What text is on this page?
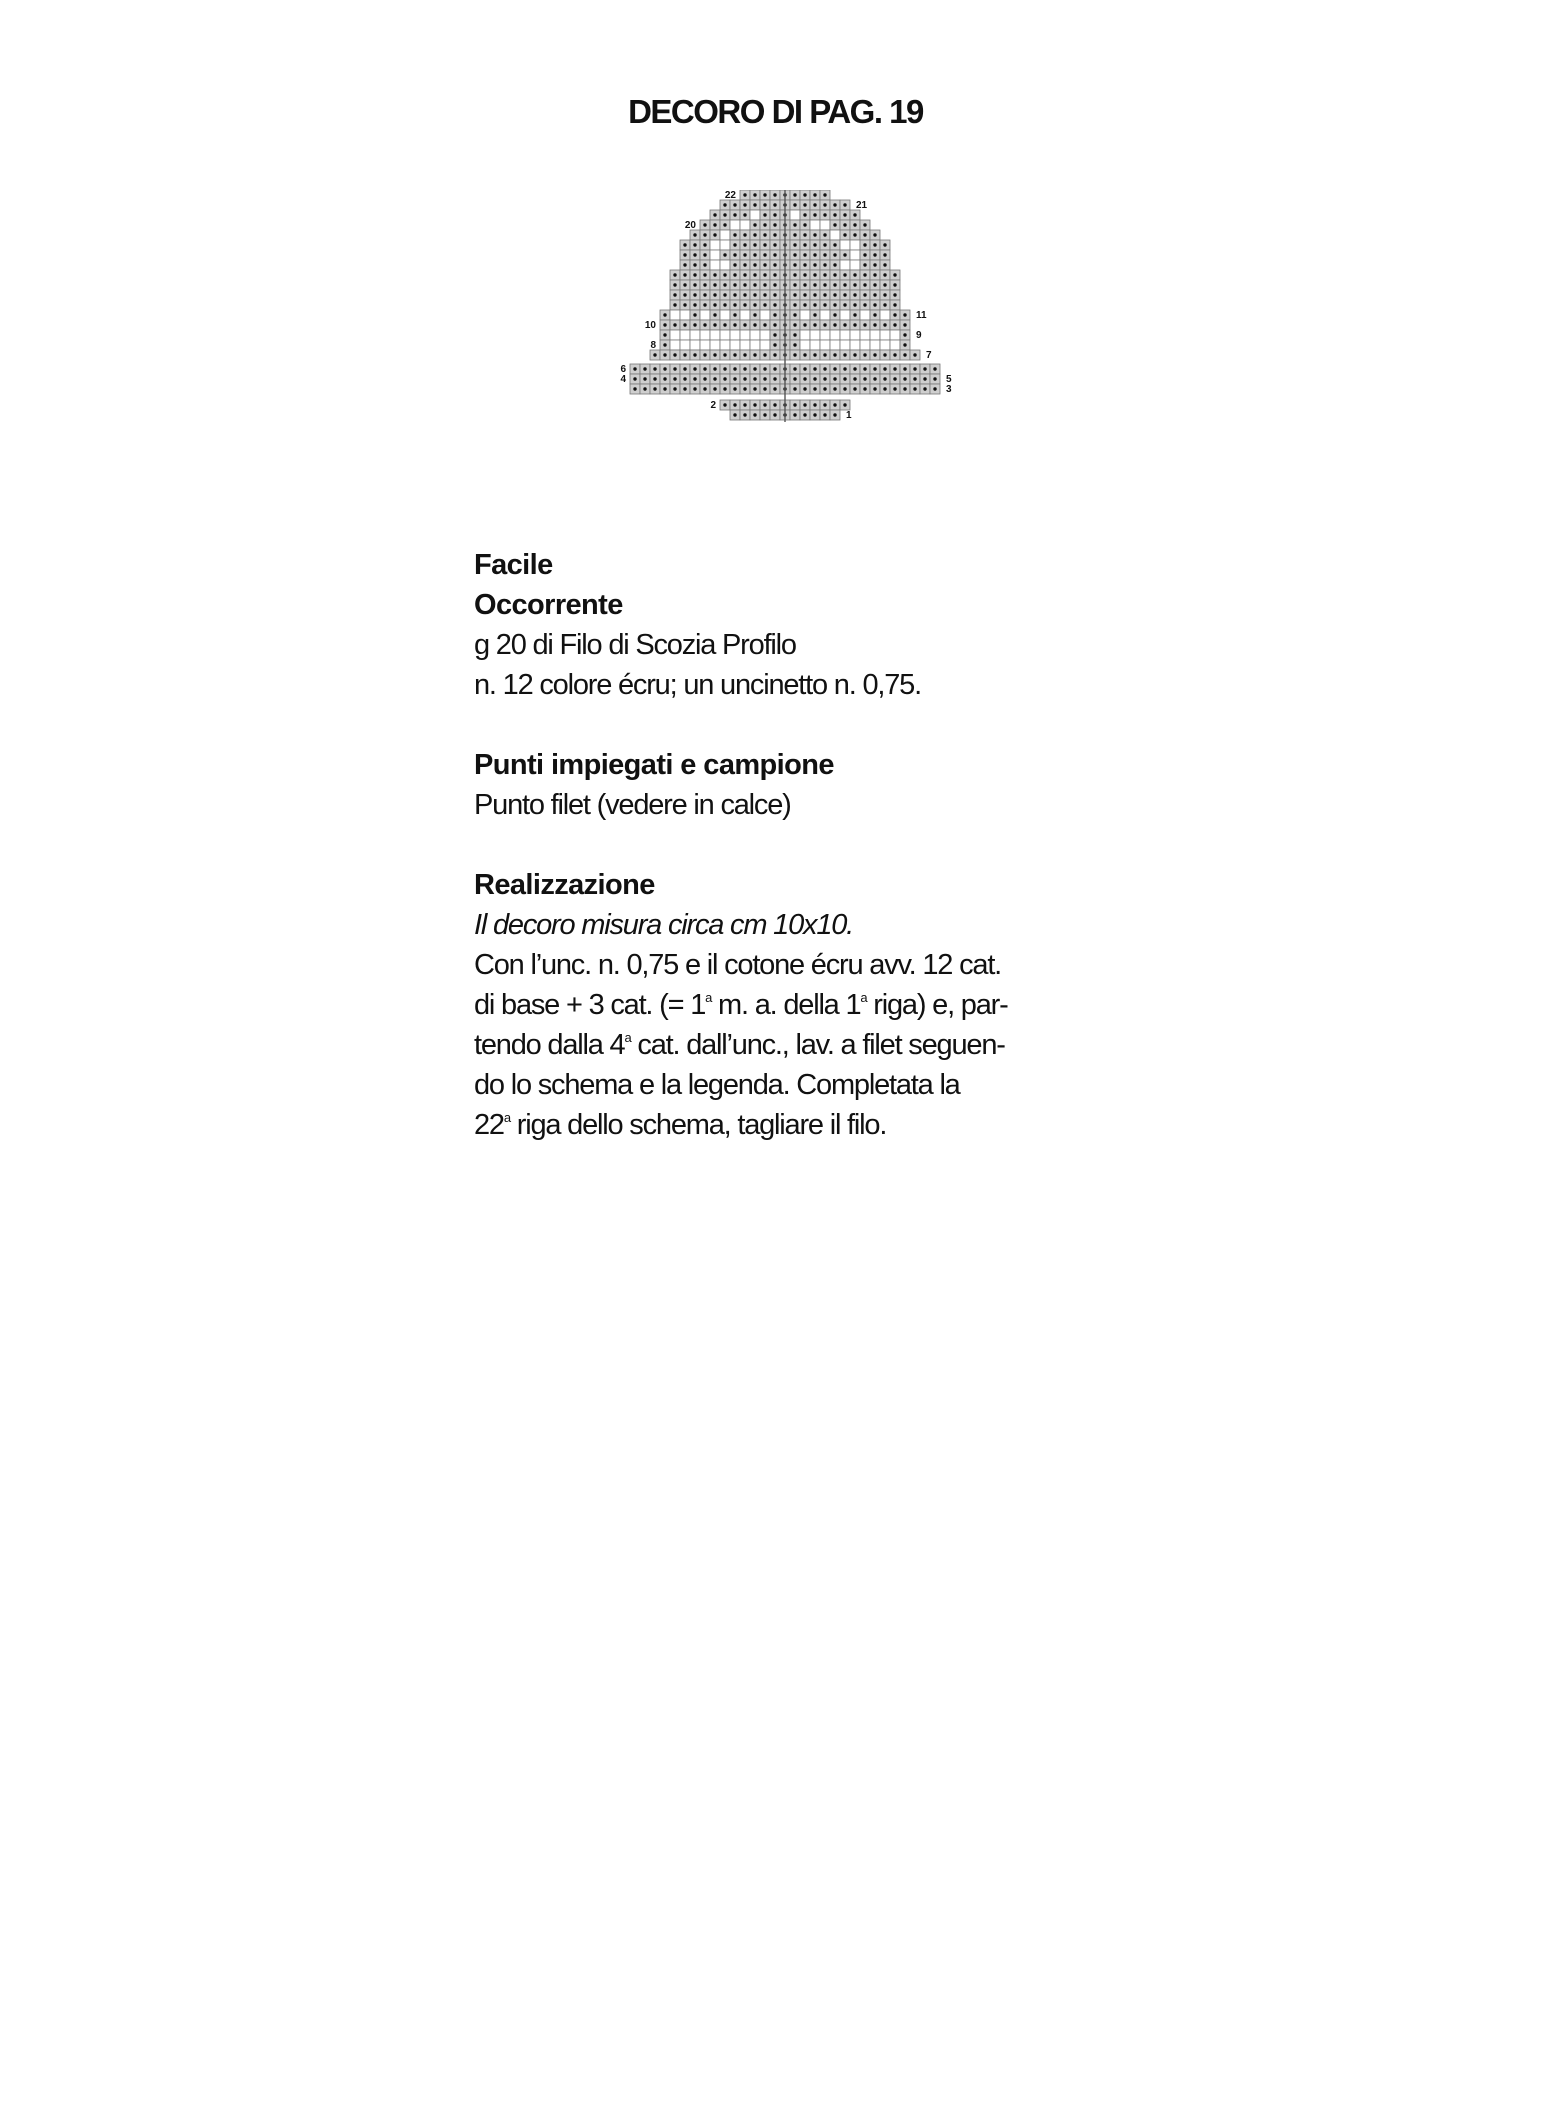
DECORO DI PAG. 19
22
20
10
8
6
4
2
21
11
9
7
5
3
1

Facile

Occorrente

g 20 di Filo di Scozia Profilo

n. 12 colore écru; un uncinetto n. 0,75.

Punti impiegati e campione

Punto filet (vedere in calce)

Realizzazione

Il decoro misura circa cm 10x10.

Con l’unc. n. 0,75 e il cotone écru avv. 12 cat.

di base + 3 cat. (= $1^a$ m. a. della 1$^a$ riga) e, par-

tendo dalla 4$^a$ cat. dall’unc., lav. a filet seguen-

do lo schema e la legenda. Completata la

22$^a$ riga dello schema, tagliare il filo.
